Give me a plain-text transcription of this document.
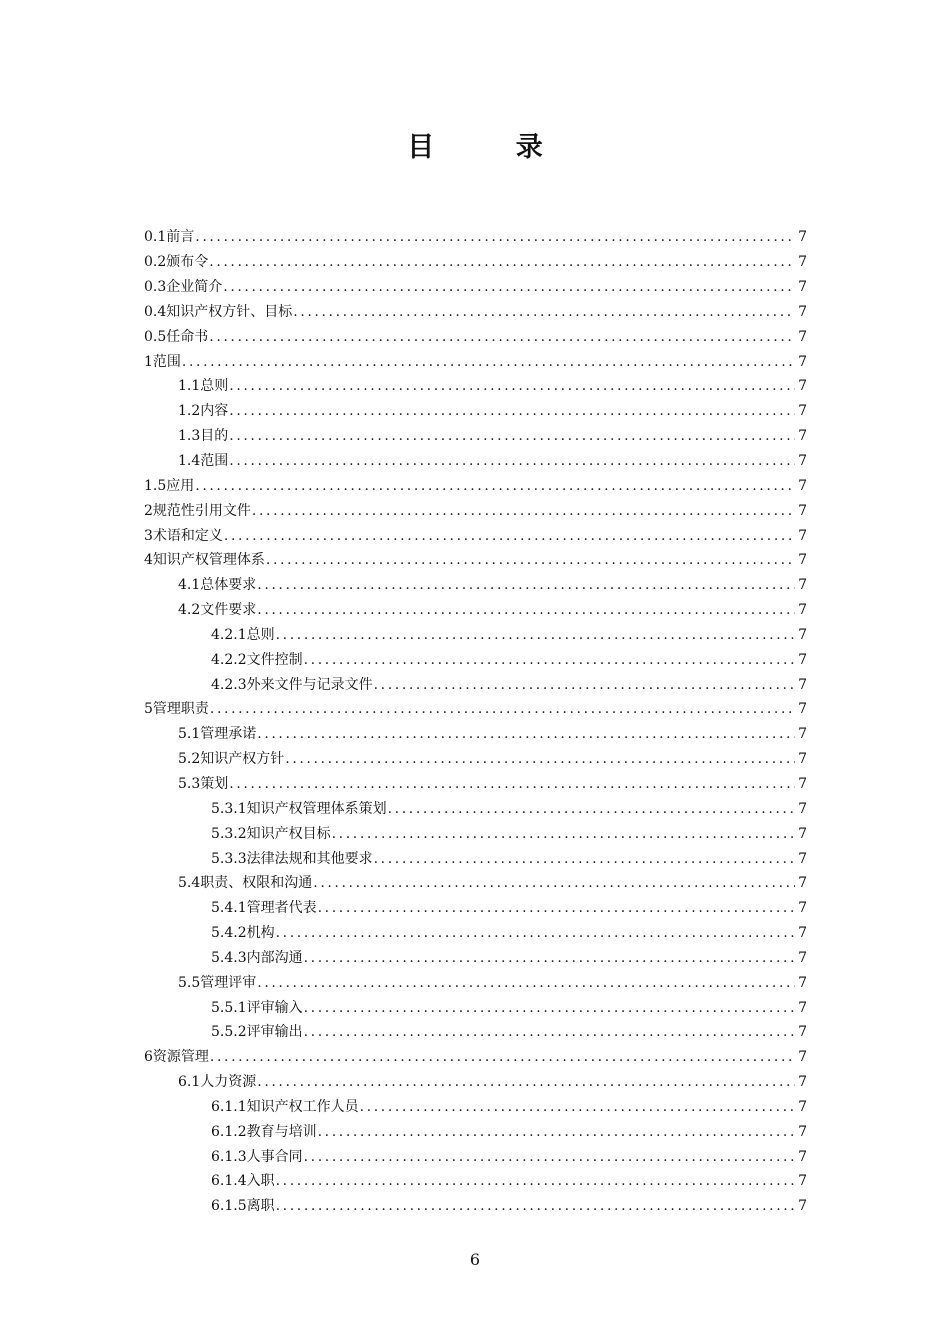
目 录
0.1前言 .....	7
0.2颁布令 .....	7
0.3企业简介 .....	7
0.4知识产权方针、目标 .....	7
0.5任命书 .....	7
1范围 .....	7
1.1总则 .....	7
1.2内容 .....	7
1.3目的 .....	7
1.4范围 .....	7
1.5应用 .....	7
2规范性引用文件 .....	7
3术语和定义 .....	7
4知识产权管理体系 .....	7
4.1总体要求 .....	7
4.2文件要求 .....	7
4.2.1总则 .....	7
4.2.2文件控制 .....	7
4.2.3外来文件与记录文件 .....	7
5管理职责 .....	7
5.1管理承诺 .....	7
5.2知识产权方针 .....	7
5.3策划 .....	7
5.3.1知识产权管理体系策划 .....	7
5.3.2知识产权目标 .....	7
5.3.3法律法规和其他要求 .....	7
5.4职责、权限和沟通 .....	7
5.4.1管理者代表 .....	7
5.4.2机构 .....	7
5.4.3内部沟通 .....	7
5.5管理评审 .....	7
5.5.1评审输入 .....	7
5.5.2评审输出 .....	7
6资源管理 .....	7
6.1人力资源 .....	7
6.1.1知识产权工作人员 .....	7
6.1.2教育与培训 .....	7
6.1.3人事合同 .....	7
6.1.4入职 .....	7
6.1.5离职 .....	7
6
